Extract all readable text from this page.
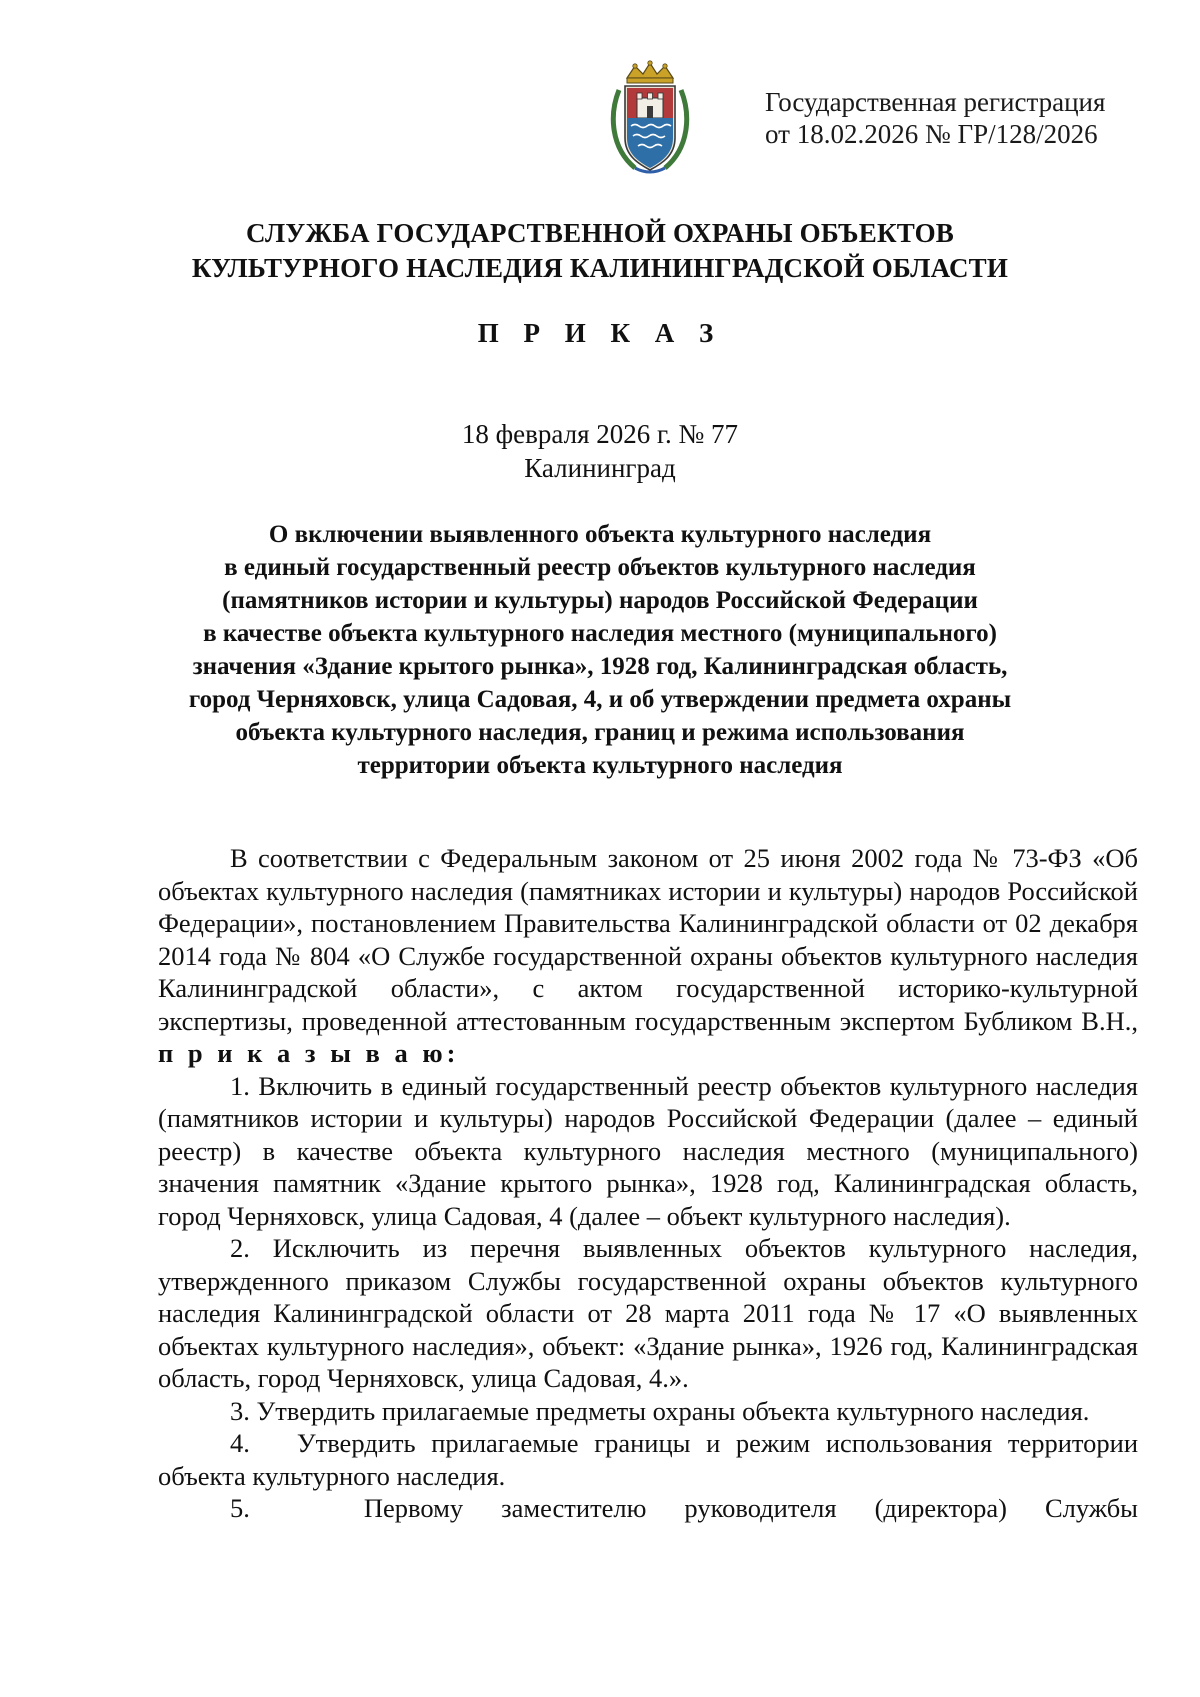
Государственная регистрация
от 18.02.2026 № ГР/128/2026
СЛУЖБА ГОСУДАРСТВЕННОЙ ОХРАНЫ ОБЪЕКТОВ
КУЛЬТУРНОГО НАСЛЕДИЯ КАЛИНИНГРАДСКОЙ ОБЛАСТИ
П Р И К А З
18 февраля 2026 г. № 77
Калининград
О включении выявленного объекта культурного наследия
в единый государственный реестр объектов культурного наследия
(памятников истории и культуры) народов Российской Федерации
в качестве объекта культурного наследия местного (муниципального)
значения «Здание крытого рынка», 1928 год, Калининградская область,
город Черняховск, улица Садовая, 4, и об утверждении предмета охраны
объекта культурного наследия, границ и режима использования
территории объекта культурного наследия

В соответствии с Федеральным законом от 25 июня 2002 года № 73-ФЗ «Об объектах культурного наследия (памятниках истории и культуры) народов Российской Федерации», постановлением Правительства Калининградской области от 02 декабря 2014 года № 804 «О Службе государственной охраны объектов культурного наследия Калининградской области», с актом государственной историко-культурной экспертизы, проведенной аттестованным государственным экспертом Бубликом В.Н., п р и к а з ы в а ю:

1. Включить в единый государственный реестр объектов культурного наследия (памятников истории и культуры) народов Российской Федерации (далее – единый реестр) в качестве объекта культурного наследия местного (муниципального) значения памятник «Здание крытого рынка», 1928 год, Калининградская область, город Черняховск, улица Садовая, 4 (далее – объект культурного наследия).

2. Исключить из перечня выявленных объектов культурного наследия, утвержденного приказом Службы государственной охраны объектов культурного наследия Калининградской области от 28 марта 2011 года № 17 «О выявленных объектах культурного наследия», объект: «Здание рынка», 1926 год, Калининградская область, город Черняховск, улица Садовая, 4.».

3. Утвердить прилагаемые предметы охраны объекта культурного наследия.

4. Утвердить прилагаемые границы и режим использования территории объекта культурного наследия.

5.	Первому заместителю руководителя (директора) Службы
